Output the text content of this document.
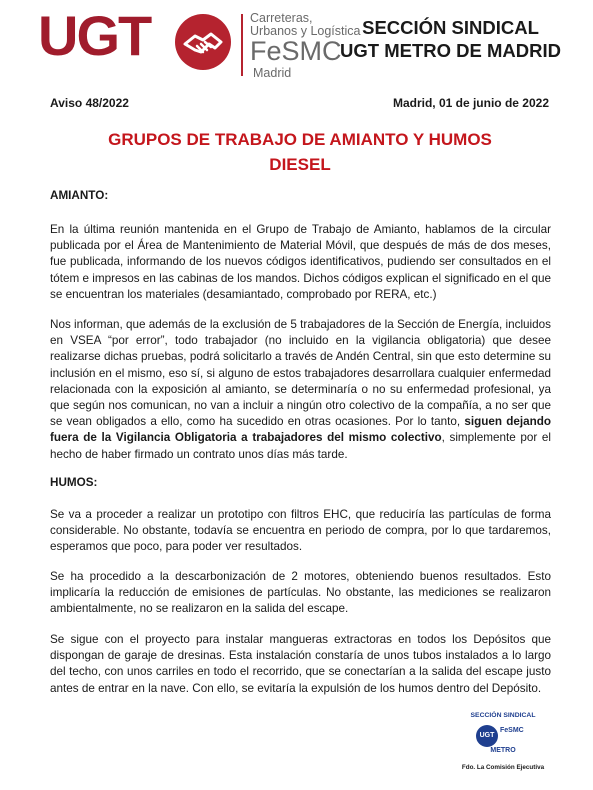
UGT	Carreteras,
Urbanos y Logística
FeSMC
Madrid
SECCIÓN SINDICAL
UGT METRO DE MADRID
Aviso 48/2022	Madrid, 01 de junio de 2022
GRUPOS DE TRABAJO DE AMIANTO Y HUMOS
DIESEL
AMIANTO:

En la última reunión mantenida en el Grupo de Trabajo de Amianto, hablamos de la circular publicada por el Área de Mantenimiento de Material Móvil, que después de más de dos meses, fue publicada, informando de los nuevos códigos identificativos, pudiendo ser consultados en el tótem e impresos en las cabinas de los mandos. Dichos códigos explican el significado en el que se encuentran los materiales (desamiantado, comprobado por RERA, etc.)

Nos informan, que además de la exclusión de 5 trabajadores de la Sección de Energía, incluidos en VSEA “por error”, todo trabajador (no incluido en la vigilancia obligatoria) que desee realizarse dichas pruebas, podrá solicitarlo a través de Andén Central, sin que esto determine su inclusión en el mismo, eso sí, si alguno de estos trabajadores desarrollara cualquier enfermedad relacionada con la exposición al amianto, se determinaría o no su enfermedad profesional, ya que según nos comunican, no van a incluir a ningún otro colectivo de la compañía, a no ser que se vean obligados a ello, como ha sucedido en otras ocasiones. Por lo tanto, siguen dejando fuera de la Vigilancia Obligatoria a trabajadores del mismo colectivo, simplemente por el hecho de haber firmado un contrato unos días más tarde.

HUMOS:

Se va a proceder a realizar un prototipo con filtros EHC, que reduciría las partículas de forma considerable. No obstante, todavía se encuentra en periodo de compra, por lo que tardaremos, esperamos que poco, para poder ver resultados.

Se ha procedido a la descarbonización de 2 motores, obteniendo buenos resultados. Esto implicaría la reducción de emisiones de partículas. No obstante, las mediciones se realizaron ambientalmente, no se realizaron en la salida del escape.

Se sigue con el proyecto para instalar mangueras extractoras en todos los Depósitos que dispongan de garaje de dresinas. Esta instalación constaría de unos tubos instalados a lo largo del techo, con unos carriles en todo el recorrido, que se conectarían a la salida del escape justo antes de entrar en la nave. Con ello, se evitaría la expulsión de los humos dentro del Depósito.

SECCIÓN SINDICAL
UGT
FeSMC
METRO
Fdo. La Comisión Ejecutiva
